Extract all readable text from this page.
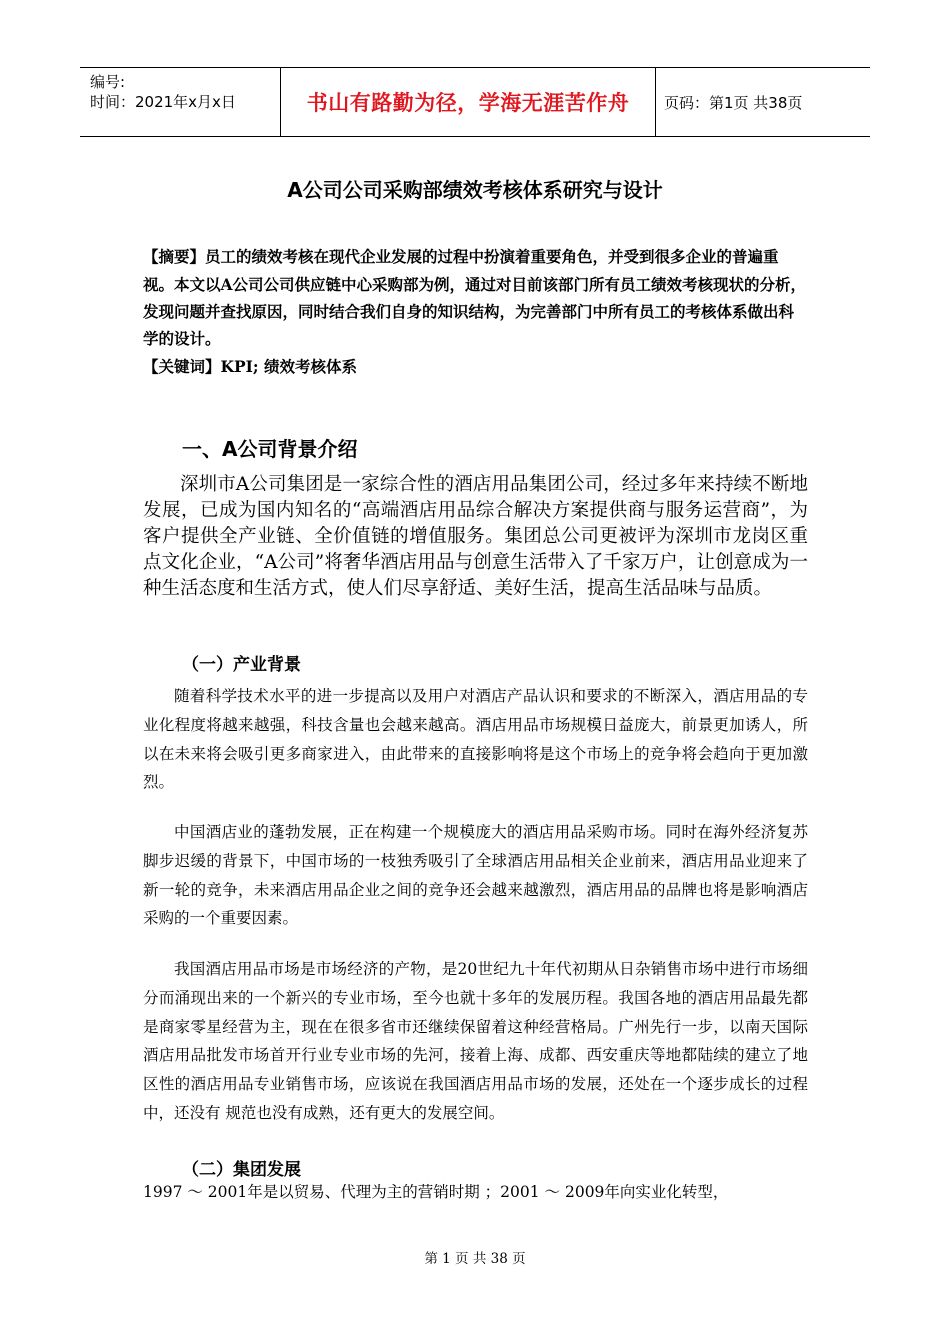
编号:
时间：2021年x月x日	书山有路勤为径，学海无涯苦作舟	页码：第1页 共38页
A公司公司采购部绩效考核体系研究与设计
【摘要】员工的绩效考核在现代企业发展的过程中扮演着重要角色，并受到很多企业的普遍重视。本文以A公司公司供应链中心采购部为例，通过对目前该部门所有员工绩效考核现状的分析，发现问题并查找原因，同时结合我们自身的知识结构，为完善部门中所有员工的考核体系做出科学的设计。
【关键词】KPI; 绩效考核体系
一、A公司背景介绍

深圳市A公司集团是一家综合性的酒店用品集团公司，经过多年来持续不断地发展，已成为国内知名的“高端酒店用品综合解决方案提供商与服务运营商”，为客户提供全产业链、全价值链的增值服务。集团总公司更被评为深圳市龙岗区重点文化企业，“A公司”将奢华酒店用品与创意生活带入了千家万户，让创意成为一种生活态度和生活方式，使人们尽享舒适、美好生活，提高生活品味与品质。

（一）产业背景

随着科学技术水平的进一步提高以及用户对酒店产品认识和要求的不断深入，酒店用品的专业化程度将越来越强，科技含量也会越来越高。酒店用品市场规模日益庞大，前景更加诱人，所以在未来将会吸引更多商家进入，由此带来的直接影响将是这个市场上的竞争将会趋向于更加激烈。

中国酒店业的蓬勃发展，正在构建一个规模庞大的酒店用品采购市场。同时在海外经济复苏脚步迟缓的背景下，中国市场的一枝独秀吸引了全球酒店用品相关企业前来，酒店用品业迎来了新一轮的竞争，未来酒店用品企业之间的竞争还会越来越激烈，酒店用品的品牌也将是影响酒店采购的一个重要因素。

我国酒店用品市场是市场经济的产物，是20世纪九十年代初期从日杂销售市场中进行市场细分而涌现出来的一个新兴的专业市场，至今也就十多年的发展历程。我国各地的酒店用品最先都是商家零星经营为主，现在在很多省市还继续保留着这种经营格局。广州先行一步，以南天国际酒店用品批发市场首开行业专业市场的先河，接着上海、成都、西安重庆等地都陆续的建立了地区性的酒店用品专业销售市场，应该说在我国酒店用品市场的发展，还处在一个逐步成长的过程中，还没有 规范也没有成熟，还有更大的发展空间。

（二）集团发展

1997 ～ 2001年是以贸易、代理为主的营销时期 ；2001 ～ 2009年向实业化转型，

第 1 页 共 38 页
